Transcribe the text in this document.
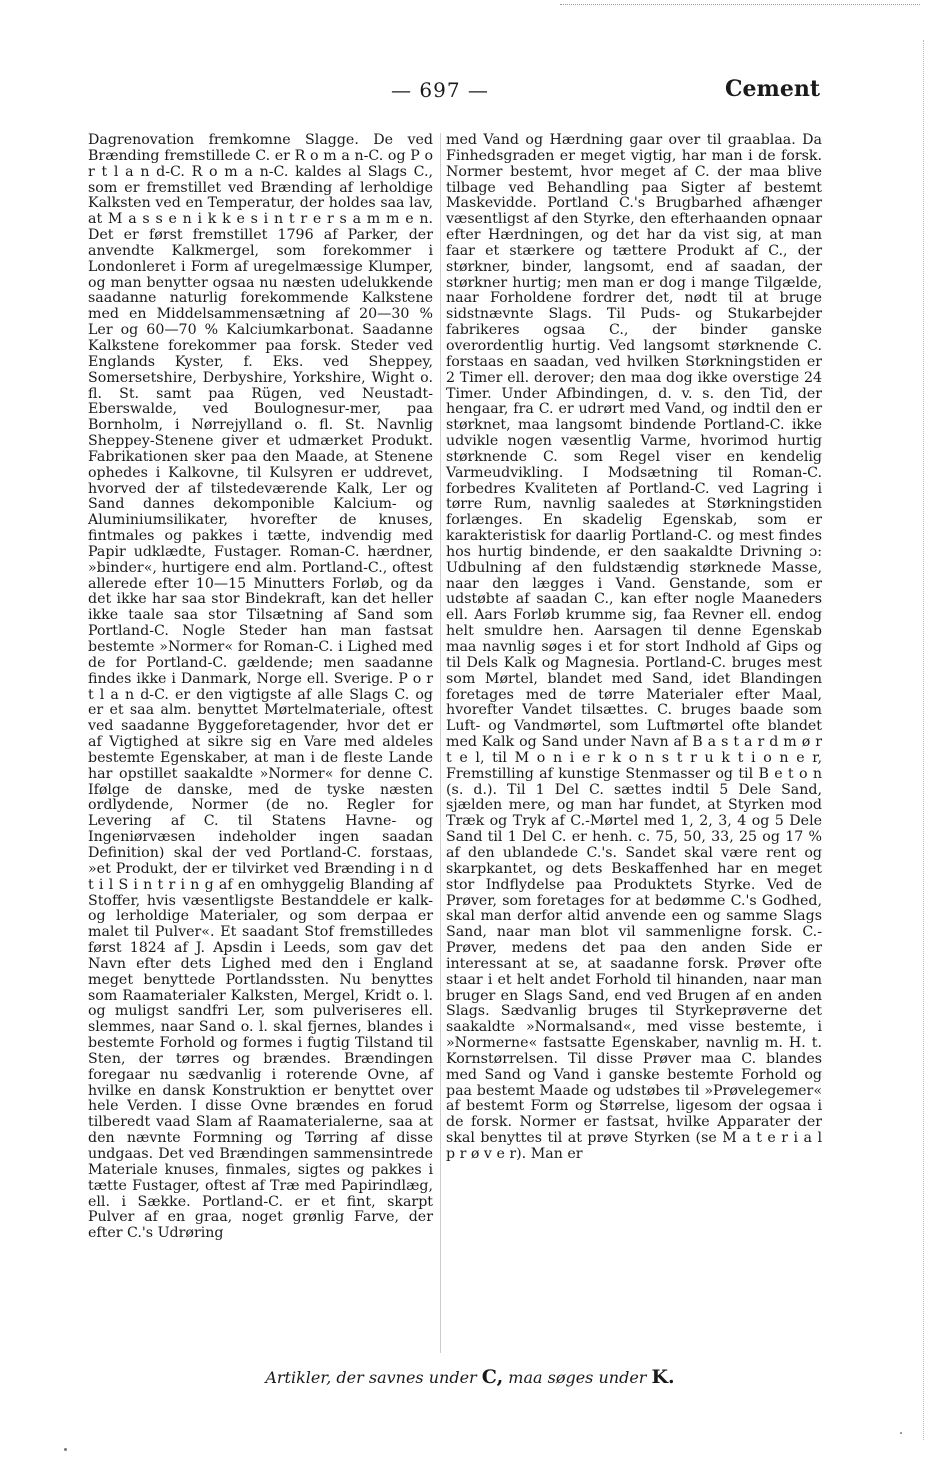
— 697 —	Cement

Dagrenovation fremkomne Slagge. De ved Brænding fremstillede C. er R o m a n-C. og P o r t l a n d-C. R o m a n-C. kaldes al Slags C., som er fremstillet ved Brænding af lerholdige Kalksten ved en Temperatur, der holdes saa lav, at M a s s e n i k k e s i n t r e r s a m m e n. Det er først fremstillet 1796 af Parker, der anvendte Kalkmergel, som forekommer i Londonleret i Form af uregelmæssige Klumper, og man benytter ogsaa nu næsten udelukkende saadanne naturlig forekommende Kalkstene med en Middelsammensætning af 20—30 % Ler og 60—70 % Kalciumkarbonat. Saadanne Kalkstene forekommer paa forsk. Steder ved Englands Kyster, f. Eks. ved Sheppey, Somersetshire, Derbyshire, Yorkshire, Wight o. fl. St. samt paa Rügen, ved Neustadt-Eberswalde, ved Boulognesur-mer, paa Bornholm, i Nørrejylland o. fl. St. Navnlig Sheppey-Stenene giver et udmærket Produkt. Fabrikationen sker paa den Maade, at Stenene ophedes i Kalkovne, til Kulsyren er uddrevet, hvorved der af tilstedeværende Kalk, Ler og Sand dannes dekomponible Kalcium- og Aluminiumsilikater, hvorefter de knuses, fintmales og pakkes i tætte, indvendig med Papir udklædte, Fustager. Roman-C. hærdner, »binder«, hurtigere end alm. Portland-C., oftest allerede efter 10—15 Minutters Forløb, og da det ikke har saa stor Bindekraft, kan det heller ikke taale saa stor Tilsætning af Sand som Portland-C. Nogle Steder han man fastsat bestemte »Normer« for Roman-C. i Lighed med de for Portland-C. gældende; men saadanne findes ikke i Danmark, Norge ell. Sverige. P o r t l a n d-C. er den vigtigste af alle Slags C. og er et saa alm. benyttet Mørtelmateriale, oftest ved saadanne Byggeforetagender, hvor det er af Vigtighed at sikre sig en Vare med aldeles bestemte Egenskaber, at man i de fleste Lande har opstillet saakaldte »Normer« for denne C. Ifølge de danske, med de tyske næsten ordlydende, Normer (de no. Regler for Levering af C. til Statens Havne- og Ingeniørvæsen indeholder ingen saadan Definition) skal der ved Portland-C. forstaas, »et Produkt, der er tilvirket ved Brænding i n d t i l S i n t r i n g af en omhyggelig Blanding af Stoffer, hvis væsentligste Bestanddele er kalk- og lerholdige Materialer, og som derpaa er malet til Pulver«. Et saadant Stof fremstilledes først 1824 af J. Apsdin i Leeds, som gav det Navn efter dets Lighed med den i England meget benyttede Portlandssten. Nu benyttes som Raamaterialer Kalksten, Mergel, Kridt o. l. og muligst sandfri Ler, som pulveriseres ell. slemmes, naar Sand o. l. skal fjernes, blandes i bestemte Forhold og formes i fugtig Tilstand til Sten, der tørres og brændes. Brændingen foregaar nu sædvanlig i roterende Ovne, af hvilke en dansk Konstruktion er benyttet over hele Verden. I disse Ovne brændes en forud tilberedt vaad Slam af Raamaterialerne, saa at den nævnte Formning og Tørring af disse undgaas. Det ved Brændingen sammensintrede Materiale knuses, finmales, sigtes og pakkes i tætte Fustager, oftest af Træ med Papirindlæg, ell. i Sække. Portland-C. er et fint, skarpt Pulver af en graa, noget grønlig Farve, der efter C.'s Udrøring

med Vand og Hærdning gaar over til graablaa. Da Finhedsgraden er meget vigtig, har man i de forsk. Normer bestemt, hvor meget af C. der maa blive tilbage ved Behandling paa Sigter af bestemt Maskevidde. Portland C.'s Brugbarhed afhænger væsentligst af den Styrke, den efterhaanden opnaar efter Hærdningen, og det har da vist sig, at man faar et stærkere og tættere Produkt af C., der størkner, binder, langsomt, end af saadan, der størkner hurtig; men man er dog i mange Tilgælde, naar Forholdene fordrer det, nødt til at bruge sidstnævnte Slags. Til Puds- og Stukarbejder fabrikeres ogsaa C., der binder ganske overordentlig hurtig. Ved langsomt størknende C. forstaas en saadan, ved hvilken Størkningstiden er 2 Timer ell. derover; den maa dog ikke overstige 24 Timer. Under Afbindingen, d. v. s. den Tid, der hengaar, fra C. er udrørt med Vand, og indtil den er størknet, maa langsomt bindende Portland-C. ikke udvikle nogen væsentlig Varme, hvorimod hurtig størknende C. som Regel viser en kendelig Varmeudvikling. I Modsætning til Roman-C. forbedres Kvaliteten af Portland-C. ved Lagring i tørre Rum, navnlig saaledes at Størkningstiden forlænges. En skadelig Egenskab, som er karakteristisk for daarlig Portland-C. og mest findes hos hurtig bindende, er den saakaldte Drivning ɔ: Udbulning af den fuldstændig størknede Masse, naar den lægges i Vand. Genstande, som er udstøbte af saadan C., kan efter nogle Maaneders ell. Aars Forløb krumme sig, faa Revner ell. endog helt smuldre hen. Aarsagen til denne Egenskab maa navnlig søges i et for stort Indhold af Gips og til Dels Kalk og Magnesia. Portland-C. bruges mest som Mørtel, blandet med Sand, idet Blandingen foretages med de tørre Materialer efter Maal, hvorefter Vandet tilsættes. C. bruges baade som Luft- og Vandmørtel, som Luftmørtel ofte blandet med Kalk og Sand under Navn af B a s t a r d m ø r t e l, til M o n i e r k o n s t r u k t i o n e r, Fremstilling af kunstige Stenmasser og til B e t o n (s. d.). Til 1 Del C. sættes indtil 5 Dele Sand, sjælden mere, og man har fundet, at Styrken mod Træk og Tryk af C.-Mørtel med 1, 2, 3, 4 og 5 Dele Sand til 1 Del C. er henh. c. 75, 50, 33, 25 og 17 % af den ublandede C.'s. Sandet skal være rent og skarpkantet, og dets Beskaffenhed har en meget stor Indflydelse paa Produktets Styrke. Ved de Prøver, som foretages for at bedømme C.'s Godhed, skal man derfor altid anvende een og samme Slags Sand, naar man blot vil sammenligne forsk. C.-Prøver, medens det paa den anden Side er interessant at se, at saadanne forsk. Prøver ofte staar i et helt andet Forhold til hinanden, naar man bruger en Slags Sand, end ved Brugen af en anden Slags. Sædvanlig bruges til Styrkeprøverne det saakaldte »Normalsand«, med visse bestemte, i »Normerne« fastsatte Egenskaber, navnlig m. H. t. Kornstørrelsen. Til disse Prøver maa C. blandes med Sand og Vand i ganske bestemte Forhold og paa bestemt Maade og udstøbes til »Prøvelegemer« af bestemt Form og Størrelse, ligesom der ogsaa i de forsk. Normer er fastsat, hvilke Apparater der skal benyttes til at prøve Styrken (se M a t e r i a l p r ø v e r). Man er

Artikler, der savnes under C, maa søges under K.
